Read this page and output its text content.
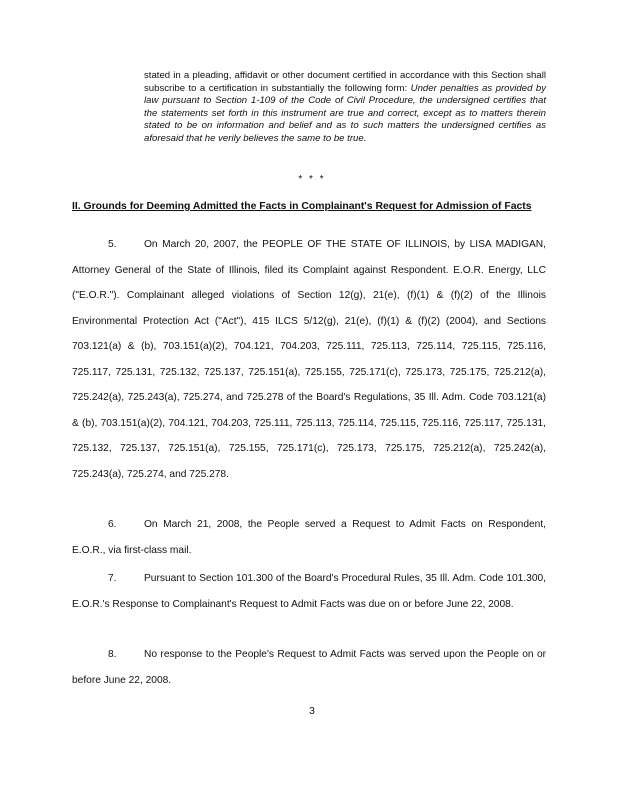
stated in a pleading, affidavit or other document certified in accordance with this Section shall subscribe to a certification in substantially the following form: Under penalties as provided by law pursuant to Section 1-109 of the Code of Civil Procedure, the undersigned certifies that the statements set forth in this instrument are true and correct, except as to matters therein stated to be on information and belief and as to such matters the undersigned certifies as aforesaid that he verily believes the same to be true.
* * *
II. Grounds for Deeming Admitted the Facts in Complainant's Request for Admission of Facts
5.	On March 20, 2007, the PEOPLE OF THE STATE OF ILLINOIS, by LISA MADIGAN, Attorney General of the State of Illinois, filed its Complaint against Respondent. E.O.R. Energy, LLC ("E.O.R."). Complainant alleged violations of Section 12(g), 21(e), (f)(1) & (f)(2) of the Illinois Environmental Protection Act ("Act"), 415 ILCS 5/12(g), 21(e), (f)(1) & (f)(2) (2004), and Sections 703.121(a) & (b), 703.151(a)(2), 704.121, 704.203, 725.111, 725.113, 725.114, 725.115, 725.116, 725.117, 725.131, 725.132, 725.137, 725.151(a), 725.155, 725.171(c), 725.173, 725.175, 725.212(a), 725.242(a), 725.243(a), 725.274, and 725.278 of the Board's Regulations, 35 Ill. Adm. Code 703.121(a) & (b), 703.151(a)(2), 704.121, 704.203, 725.111, 725.113, 725.114, 725.115, 725.116, 725.117, 725.131, 725.132, 725.137, 725.151(a), 725.155, 725.171(c), 725.173, 725.175, 725.212(a), 725.242(a), 725.243(a), 725.274, and 725.278.
6.	On March 21, 2008, the People served a Request to Admit Facts on Respondent, E.O.R., via first-class mail.
7.	Pursuant to Section 101.300 of the Board's Procedural Rules, 35 Ill. Adm. Code 101.300, E.O.R.'s Response to Complainant's Request to Admit Facts was due on or before June 22, 2008.
8.	No response to the People's Request to Admit Facts was served upon the People on or before June 22, 2008.
3
